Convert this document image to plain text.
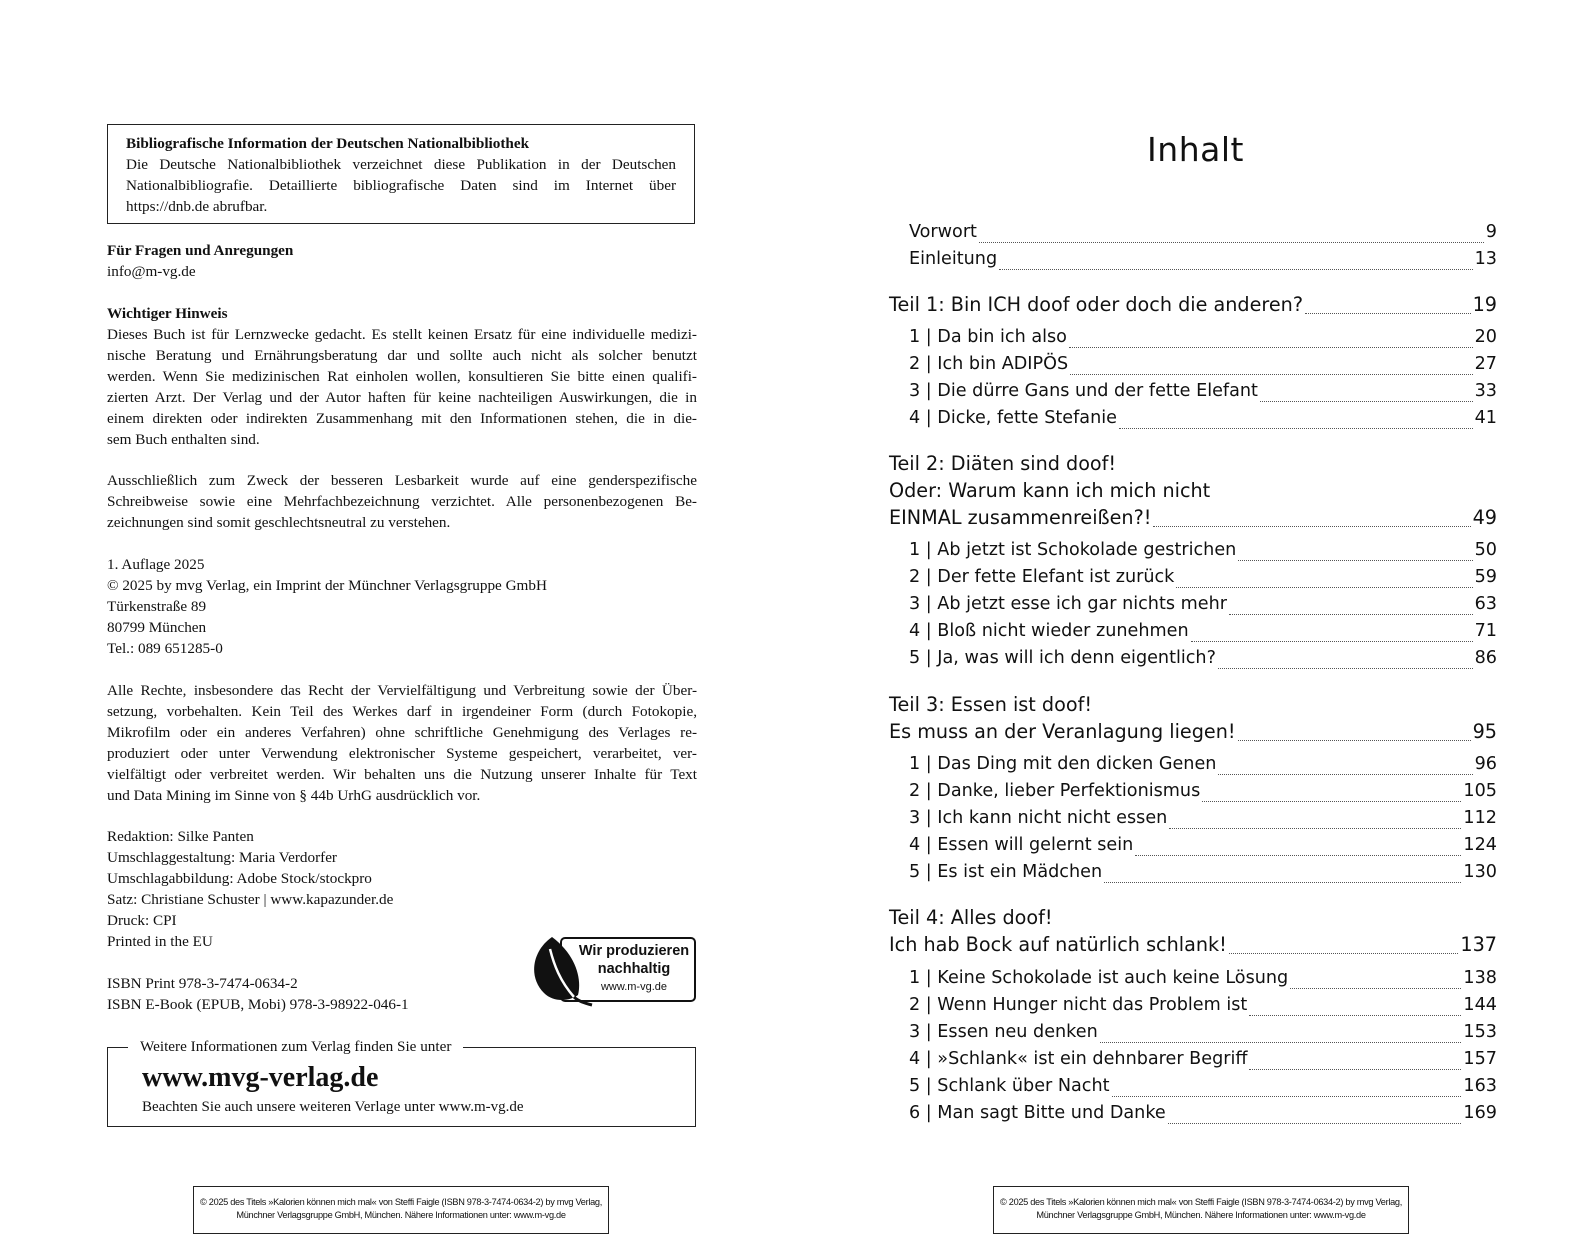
Bibliografische Information der Deutschen Nationalbibliothek
Die Deutsche Nationalbibliothek verzeichnet diese Publikation in der Deutschen
Nationalbibliografie. Detaillierte bibliografische Daten sind im Internet über
https://dnb.de abrufbar.
Für Fragen und Anregungen
info@m-vg.de
Wichtiger Hinweis
Dieses Buch ist für Lernzwecke gedacht. Es stellt keinen Ersatz für eine individuelle medizi-
nische Beratung und Ernährungsberatung dar und sollte auch nicht als solcher benutzt
werden. Wenn Sie medizinischen Rat einholen wollen, konsultieren Sie bitte einen qualifi-
zierten Arzt. Der Verlag und der Autor haften für keine nachteiligen Auswirkungen, die in
einem direkten oder indirekten Zusammenhang mit den Informationen stehen, die in die-
sem Buch enthalten sind.
Ausschließlich zum Zweck der besseren Lesbarkeit wurde auf eine genderspezifische
Schreibweise sowie eine Mehrfachbezeichnung verzichtet. Alle personenbezogenen Be-
zeichnungen sind somit geschlechtsneutral zu verstehen.
1. Auflage 2025
© 2025 by mvg Verlag, ein Imprint der Münchner Verlagsgruppe GmbH
Türkenstraße 89
80799 München
Tel.: 089 651285-0
Alle Rechte, insbesondere das Recht der Vervielfältigung und Verbreitung sowie der Über-
setzung, vorbehalten. Kein Teil des Werkes darf in irgendeiner Form (durch Fotokopie,
Mikrofilm oder ein anderes Verfahren) ohne schriftliche Genehmigung des Verlages re-
produziert oder unter Verwendung elektronischer Systeme gespeichert, verarbeitet, ver-
vielfältigt oder verbreitet werden. Wir behalten uns die Nutzung unserer Inhalte für Text
und Data Mining im Sinne von § 44b UrhG ausdrücklich vor.
Redaktion: Silke Panten
Umschlaggestaltung: Maria Verdorfer
Umschlagabbildung: Adobe Stock/stockpro
Satz: Christiane Schuster | www.kapazunder.de
Druck: CPI
Printed in the EU
ISBN Print 978-3-7474-0634-2
ISBN E-Book (EPUB, Mobi) 978-3-98922-046-1
Wir produzieren
nachhaltig
www.m-vg.de
Weitere Informationen zum Verlag finden Sie unter
www.mvg-verlag.de
Beachten Sie auch unsere weiteren Verlage unter www.m-vg.de
© 2025 des Titels »Kalorien können mich mal« von Steffi Faigle (ISBN 978-3-7474-0634-2) by mvg Verlag,
Münchner Verlagsgruppe GmbH, München. Nähere Informationen unter: www.m-vg.de
Inhalt
Vorwort	9
Einleitung	13
Teil 1: Bin ICH doof oder doch die anderen?	19
1 | Da bin ich also	20
2 | Ich bin ADIPÖS	27
3 | Die dürre Gans und der fette Elefant	33
4 | Dicke, fette Stefanie	41
Teil 2: Diäten sind doof!
Oder: Warum kann ich mich nicht
EINMAL zusammenreißen?!	49
1 | Ab jetzt ist Schokolade gestrichen	50
2 | Der fette Elefant ist zurück	59
3 | Ab jetzt esse ich gar nichts mehr	63
4 | Bloß nicht wieder zunehmen	71
5 | Ja, was will ich denn eigentlich?	86
Teil 3: Essen ist doof!
Es muss an der Veranlagung liegen!	95
1 | Das Ding mit den dicken Genen	96
2 | Danke, lieber Perfektionismus	105
3 | Ich kann nicht nicht essen	112
4 | Essen will gelernt sein	124
5 | Es ist ein Mädchen	130
Teil 4: Alles doof!
Ich hab Bock auf natürlich schlank!	137
1 | Keine Schokolade ist auch keine Lösung	138
2 | Wenn Hunger nicht das Problem ist	144
3 | Essen neu denken	153
4 | »Schlank« ist ein dehnbarer Begriff	157
5 | Schlank über Nacht	163
6 | Man sagt Bitte und Danke	169
© 2025 des Titels »Kalorien können mich mal« von Steffi Faigle (ISBN 978-3-7474-0634-2) by mvg Verlag,
Münchner Verlagsgruppe GmbH, München. Nähere Informationen unter: www.m-vg.de
